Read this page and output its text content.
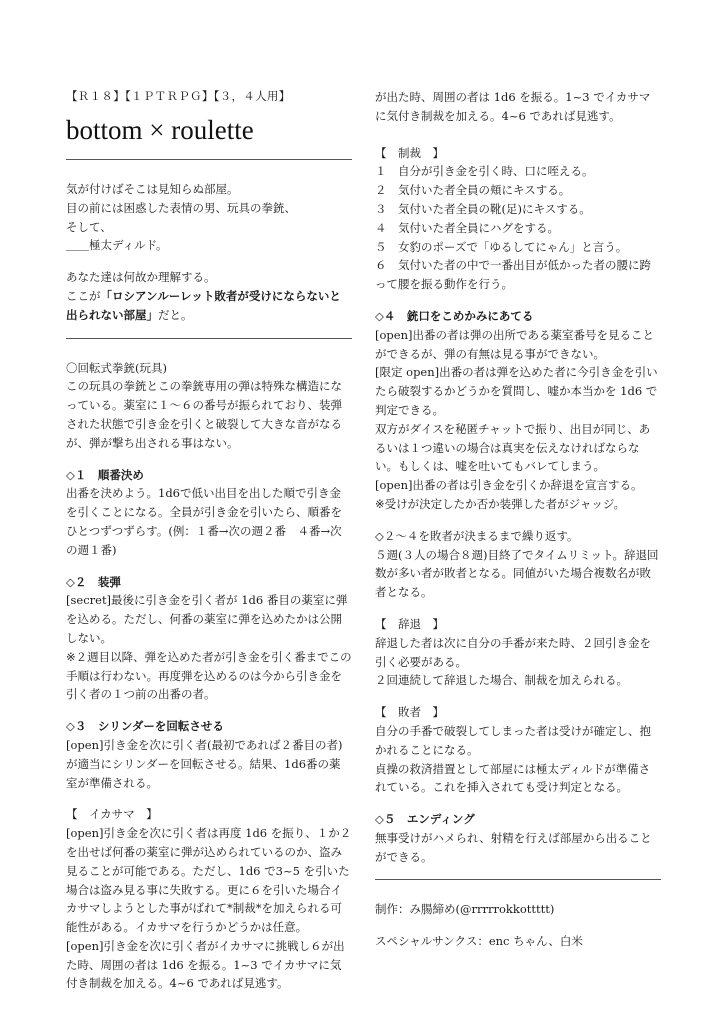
【Ｒ１８】【１ＰＴＲＰＧ】【３，４人用】
bottom × roulette

気が付けばそこは見知らぬ部屋。
目の前には困惑した表情の男、玩具の拳銃、
そして、
＿＿極太ディルド。

あなた達は何故か理解する。
ここが「ロシアンルーレット敗者が受けにならないと出られない部屋」だと。

〇回転式拳銃(玩具)

この玩具の拳銃とこの拳銃専用の弾は特殊な構造になっている。薬室に１～６の番号が振られており、装弾された状態で引き金を引くと破裂して大きな音がなるが、弾が撃ち出される事はない。

◇１　順番決め

出番を決めよう。1d6で低い出目を出した順で引き金を引くことになる。全員が引き金を引いたら、順番をひとつずつずらす。(例：１番→次の週２番　４番→次の週１番)

◇２　装弾

[secret]最後に引き金を引く者が 1d6 番目の薬室に弾を込める。ただし、何番の薬室に弾を込めたかは公開しない。
※２週目以降、弾を込めた者が引き金を引く番までこの手順は行わない。再度弾を込めるのは今から引き金を引く者の１つ前の出番の者。

◇３　シリンダーを回転させる

[open]引き金を次に引く者(最初であれば２番目の者)が適当にシリンダーを回転させる。結果、1d6番の薬室が準備される。

【　イカサマ　】

[open]引き金を次に引く者は再度 1d6 を振り、１か２を出せば何番の薬室に弾が込められているのか、盗み見ることが可能である。ただし、1d6 で3~5 を引いた場合は盗み見る事に失敗する。更に６を引いた場合イカサマしようとした事がばれて*制裁*を加えられる可能性がある。イカサマを行うかどうかは任意。
[open]引き金を次に引く者がイカサマに挑戦し６が出た時、周囲の者は 1d6 を振る。1~3 でイカサマに気付き制裁を加える。4~6 であれば見逃す。

が出た時、周囲の者は 1d6 を振る。1~3 でイカサマに気付き制裁を加える。4~6 であれば見逃す。

【　制裁　】

１　自分が引き金を引く時、口に咥える。

２　気付いた者全員の頬にキスする。

３　気付いた者全員の靴(足)にキスする。

４　気付いた者全員にハグをする。

５　女豹のポーズで「ゆるしてにゃん」と言う。

６　気付いた者の中で一番出目が低かった者の腰に跨って腰を振る動作を行う。

◇４　銃口をこめかみにあてる

[open]出番の者は弾の出所である薬室番号を見ることができるが、弾の有無は見る事ができない。
[限定 open]出番の者は弾を込めた者に今引き金を引いたら破裂するかどうかを質問し、嘘か本当かを 1d6 で判定できる。
双方がダイスを秘匿チャットで振り、出目が同じ、あるいは１つ違いの場合は真実を伝えなければならない。もしくは、嘘を吐いてもバレてしまう。
[open]出番の者は引き金を引くか辞退を宣言する。
※受けが決定したか否か装弾した者がジャッジ。

◇２～４を敗者が決まるまで繰り返す。
５週(３人の場合８週)目終了でタイムリミット。辞退回数が多い者が敗者となる。同値がいた場合複数名が敗者となる。

【　辞退　】

辞退した者は次に自分の手番が来た時、２回引き金を引く必要がある。
２回連続して辞退した場合、制裁を加えられる。

【　敗者　】

自分の手番で破裂してしまった者は受けが確定し、抱かれることになる。
貞操の救済措置として部屋には極太ディルドが準備されている。これを挿入されても受け判定となる。

◇５　エンディング

無事受けがハメられ、射精を行えば部屋から出ることができる。

制作：み腸締め(@rrrrrokkottttt)

スペシャルサンクス：enc ちゃん、白米
